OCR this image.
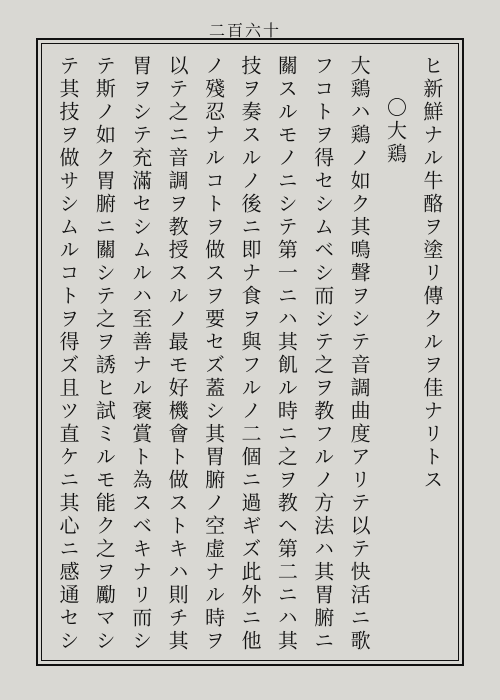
二百六十
ヒ新鮮ナル牛酪ヲ塗リ傳クルヲ佳ナリトス
〇大鶏
大鶏ハ鶏ノ如ク其鳴聲ヲシテ音調曲度アリテ以テ快活ニ歌
フコトヲ得セシムベシ而シテ之ヲ教フルノ方法ハ其胃腑ニ
關スルモノニシテ第一ニハ其飢ル時ニ之ヲ教ヘ第二ニハ其
技ヲ奏スルノ後ニ即ナ食ヲ與フルノ二個ニ過ギズ此外ニ他
ノ殘忍ナルコトヲ做スヲ要セズ蓋シ其胃腑ノ空虚ナル時ヲ
以テ之ニ音調ヲ教授スルノ最モ好機會ト做ストキハ則チ其
胃ヲシテ充滿セシムルハ至善ナル褒賞ト為スベキナリ而シ
テ斯ノ如ク胃腑ニ關シテ之ヲ誘ヒ試ミルモ能ク之ヲ勵マシ
テ其技ヲ做サシムルコトヲ得ズ且ツ直ケニ其心ニ感通セシ
